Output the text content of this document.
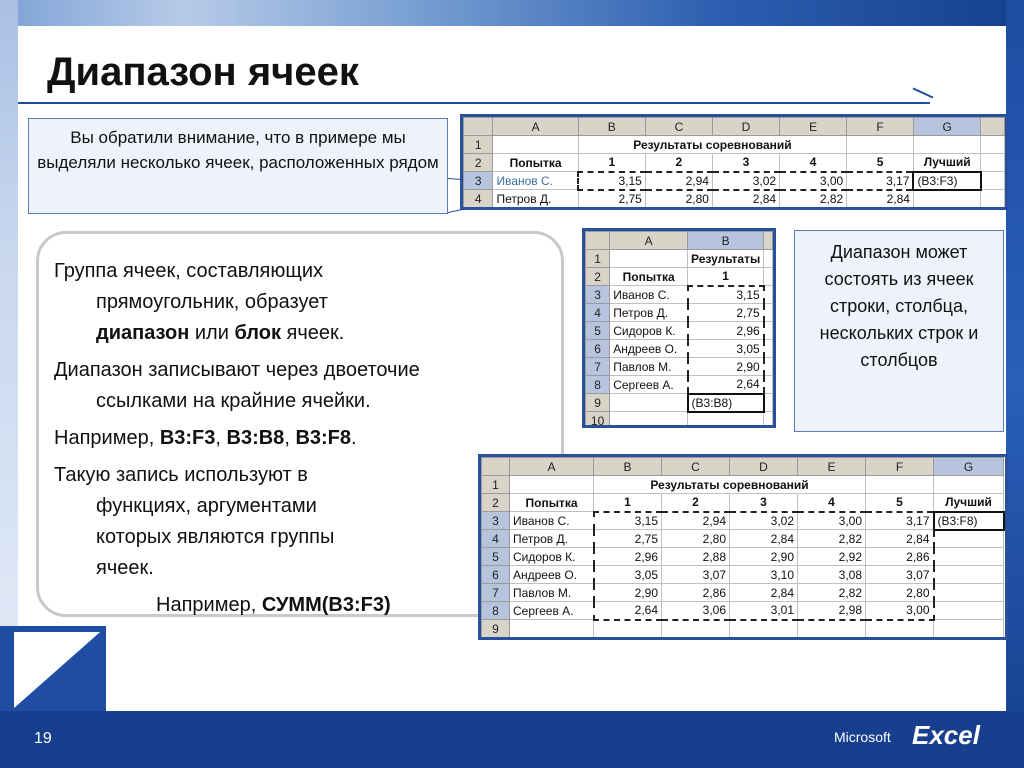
Диапазон ячеек
Вы обратили внимание, что в примере мы выделяли несколько ячеек, расположенных рядом
	A	B	C	D	E	F	G	
1		Результаты соревнований						
2	Попытка	1	2	3	4	5	Лучший	
3	Иванов С.	3,15	2,94	3,02	3,00	3,17	(B3:F3)	
4	Петров Д.	2,75	2,80	2,84	2,82	2,84		

Группа ячеек, составляющих
прямоугольник, образует
диапазон или блок ячеек.

Диапазон записывают через двоеточие
ссылками на крайние ячейки.

Например, B3:F3, B3:B8, B3:F8.

Такую запись используют в
функциях, аргументами
которых являются группы
ячеек.

Например, СУММ(B3:F3)

	A	B	
1		Результаты	
2	Попытка	1	
3	Иванов С.	3,15	
4	Петров Д.	2,75	
5	Сидоров К.	2,96	
6	Андреев О.	3,05	
7	Павлов М.	2,90	
8	Сергеев А.	2,64	
9		(B3:B8)	
10			
Диапазон может состоять из ячеек строки, столбца, нескольких строк и столбцов
	A	B	C	D	E	F	G
1		Результаты соревнований					
2	Попытка	1	2	3	4	5	Лучший
3	Иванов С.	3,15	2,94	3,02	3,00	3,17	(B3:F8)
4	Петров Д.	2,75	2,80	2,84	2,82	2,84	
5	Сидоров К.	2,96	2,88	2,90	2,92	2,86	
6	Андреев О.	3,05	3,07	3,10	3,08	3,07	
7	Павлов М.	2,90	2,86	2,84	2,82	2,80	
8	Сергеев А.	2,64	3,06	3,01	2,98	3,00	
9							
19	Microsoft Excel
